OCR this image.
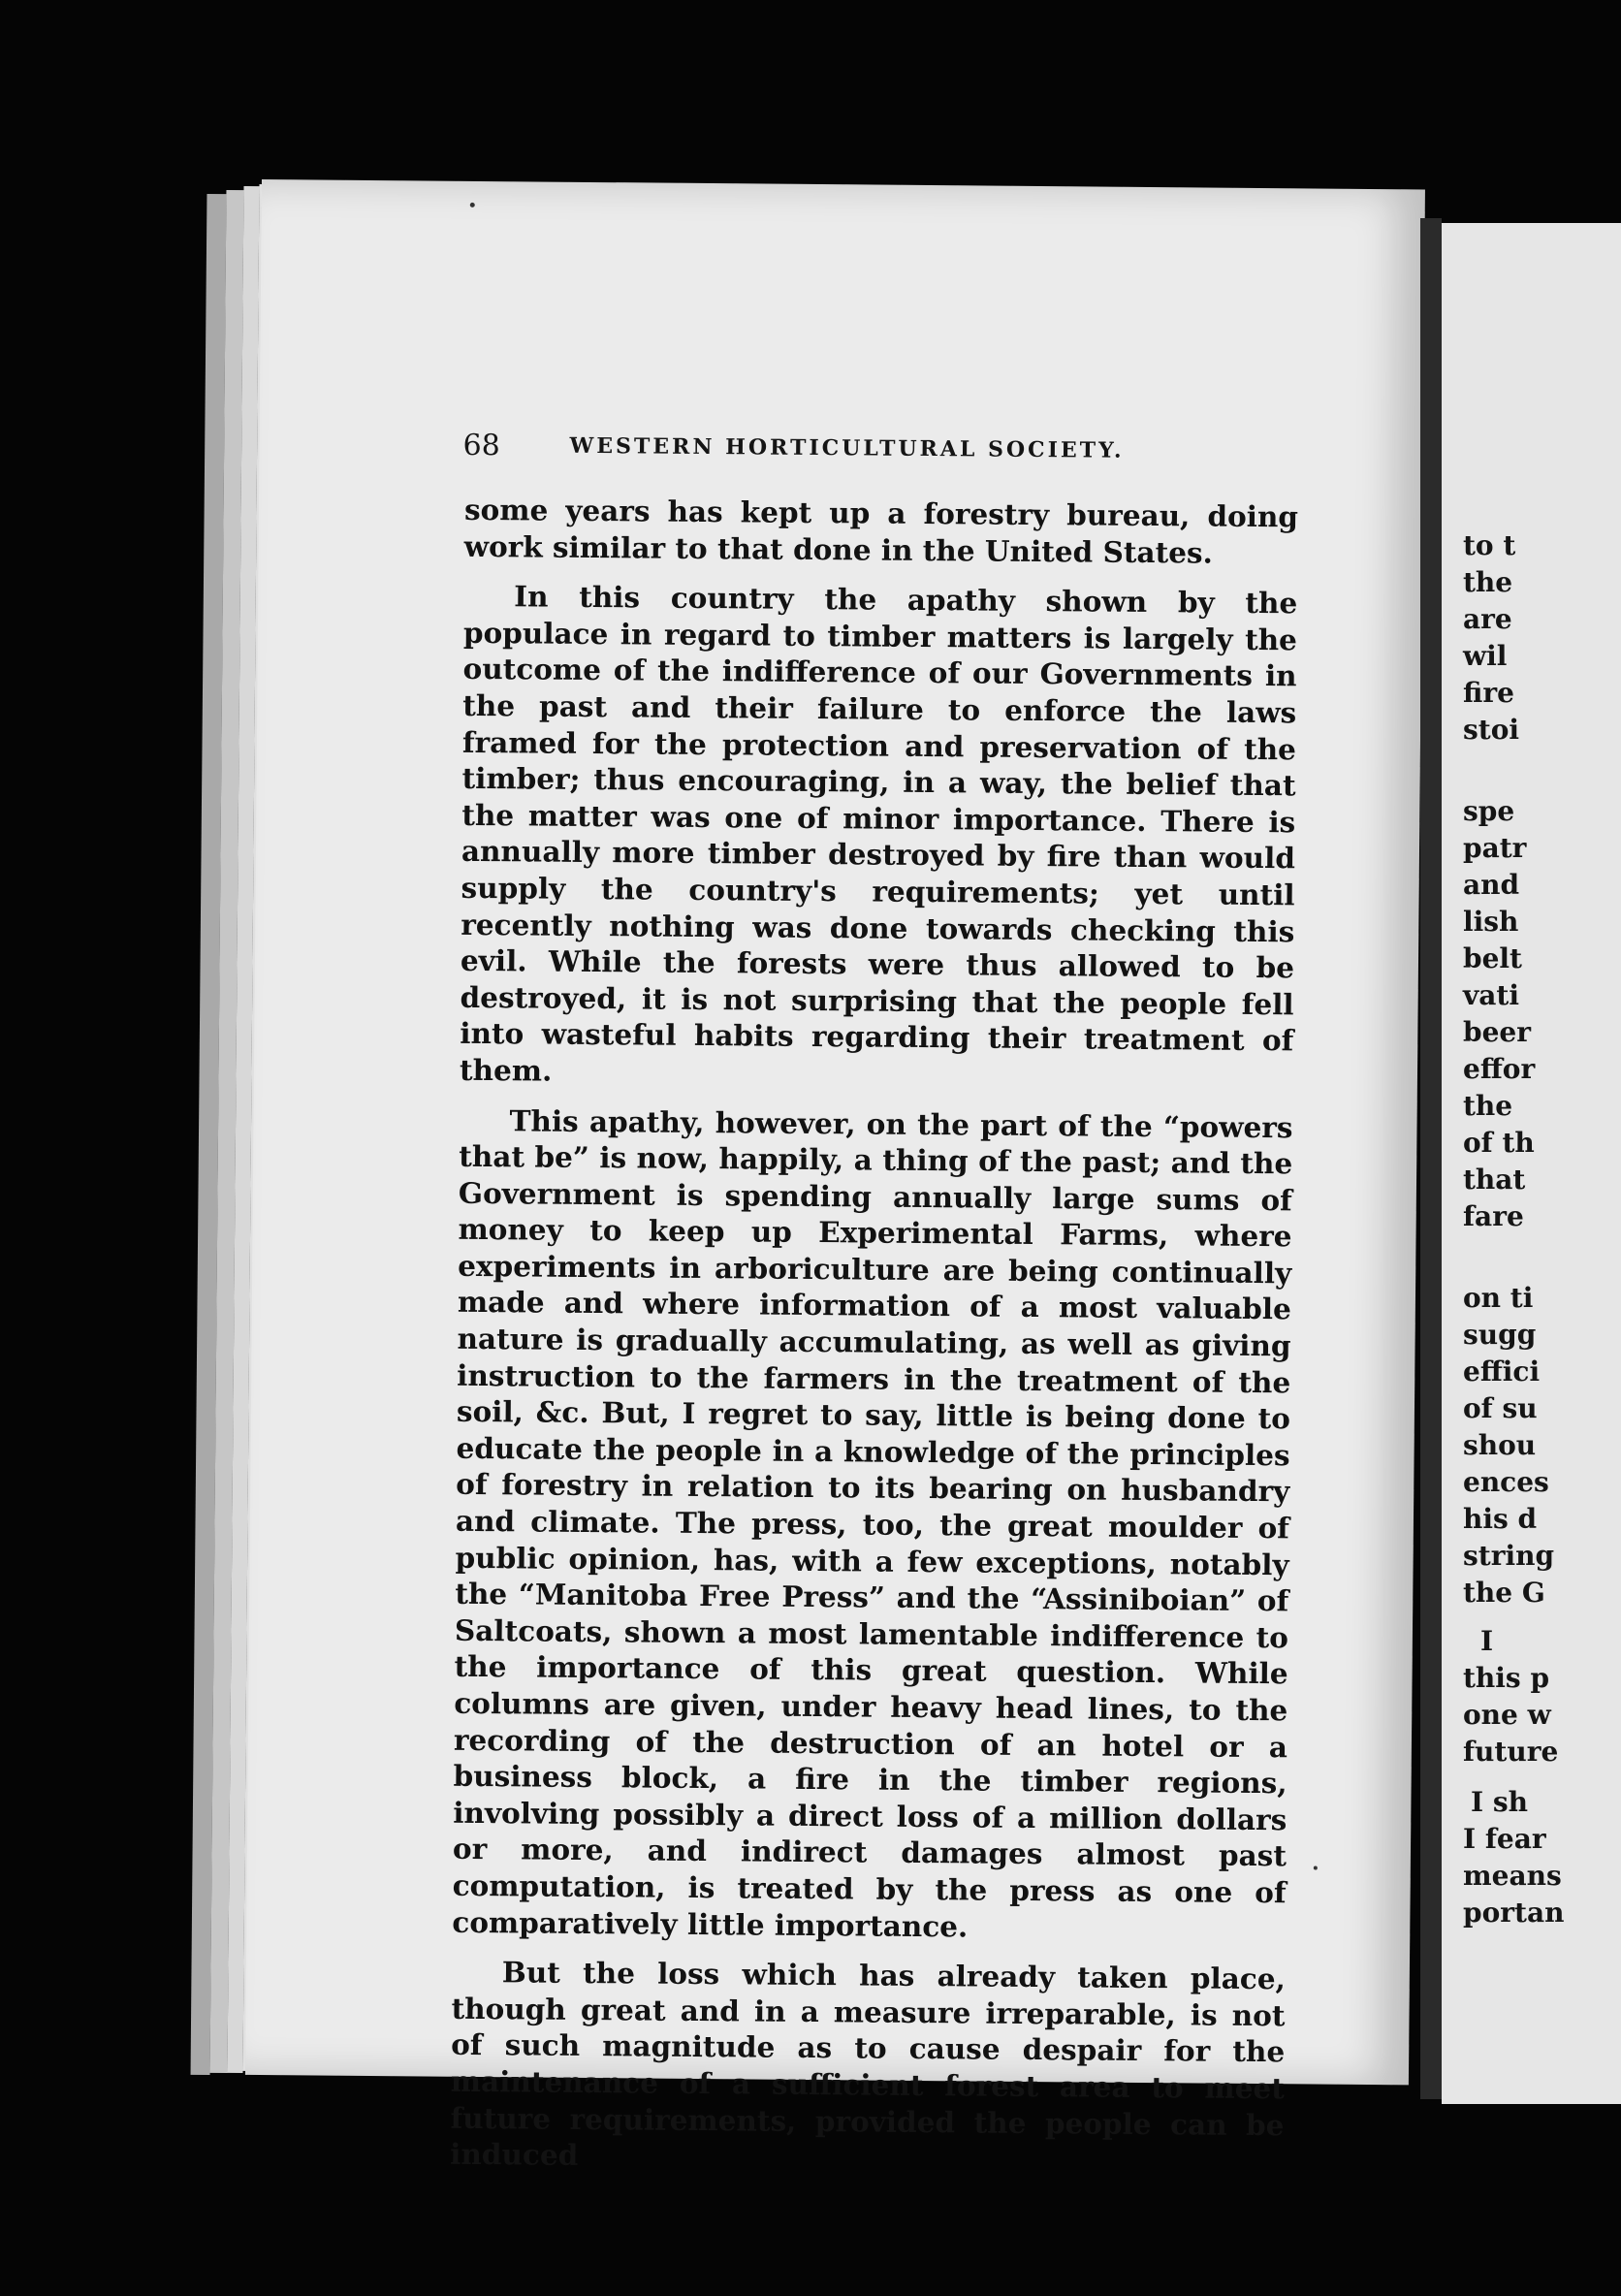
68	WESTERN HORTICULTURAL SOCIETY.

some years has kept up a forestry bureau, doing work similar to that done in the United States.

In this country the apathy shown by the populace in regard to timber matters is largely the outcome of the indifference of our Governments in the past and their failure to enforce the laws framed for the protection and preservation of the timber; thus encouraging, in a way, the belief that the matter was one of minor importance. There is annually more timber destroyed by fire than would supply the country's requirements; yet until recently nothing was done towards checking this evil. While the forests were thus allowed to be destroyed, it is not surprising that the people fell into wasteful habits regarding their treatment of them.

This apathy, however, on the part of the “powers that be” is now, happily, a thing of the past; and the Government is spending annually large sums of money to keep up Experimental Farms, where experiments in arboriculture are being continually made and where information of a most valuable nature is gradually accumulating, as well as giving instruction to the farmers in the treatment of the soil, &c. But, I regret to say, little is being done to educate the people in a knowledge of the principles of forestry in relation to its bearing on husbandry and climate. The press, too, the great moulder of public opinion, has, with a few exceptions, notably the “Manitoba Free Press” and the “Assiniboian” of Saltcoats, shown a most lamentable indifference to the importance of this great question. While columns are given, under heavy head lines, to the recording of the destruction of an hotel or a business block, a fire in the timber regions, involving possibly a direct loss of a million dollars or more, and indirect damages almost past computation, is treated by the press as one of comparatively little importance.

But the loss which has already taken place, though great and in a measure irreparable, is not of such magnitude as to cause despair for the maintenance of a sufficient forest area to meet future requirements, provided the people can be induced

to t
the
are
wil
fire
stoi
spe
patr
and
lish
belt
vati
beer
effor
the
of th
that
fare
on ti
sugg
effici
of su
shou
ences
his d
string
the G
I
this p
one w
future
I sh
I fear
means
portan
